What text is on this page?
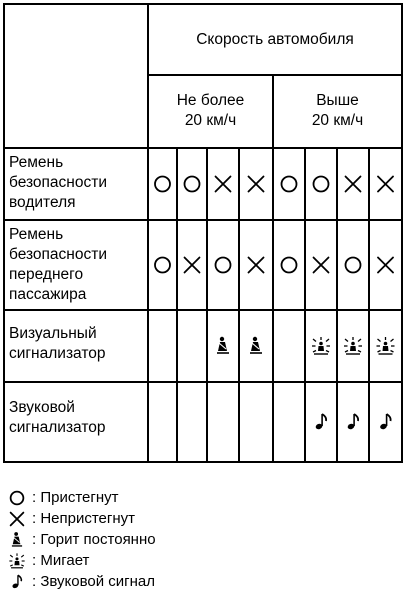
Скорость автомобиля
Не более
20 км/ч
Выше
20 км/ч
Ремень
безопасности
водителя
Ремень
безопасности
переднего
пассажира
Визуальный
сигнализатор
Звуковой
сигнализатор
: Пристегнут
: Непристегнут
: Горит постоянно
: Мигает
: Звуковой сигнал
